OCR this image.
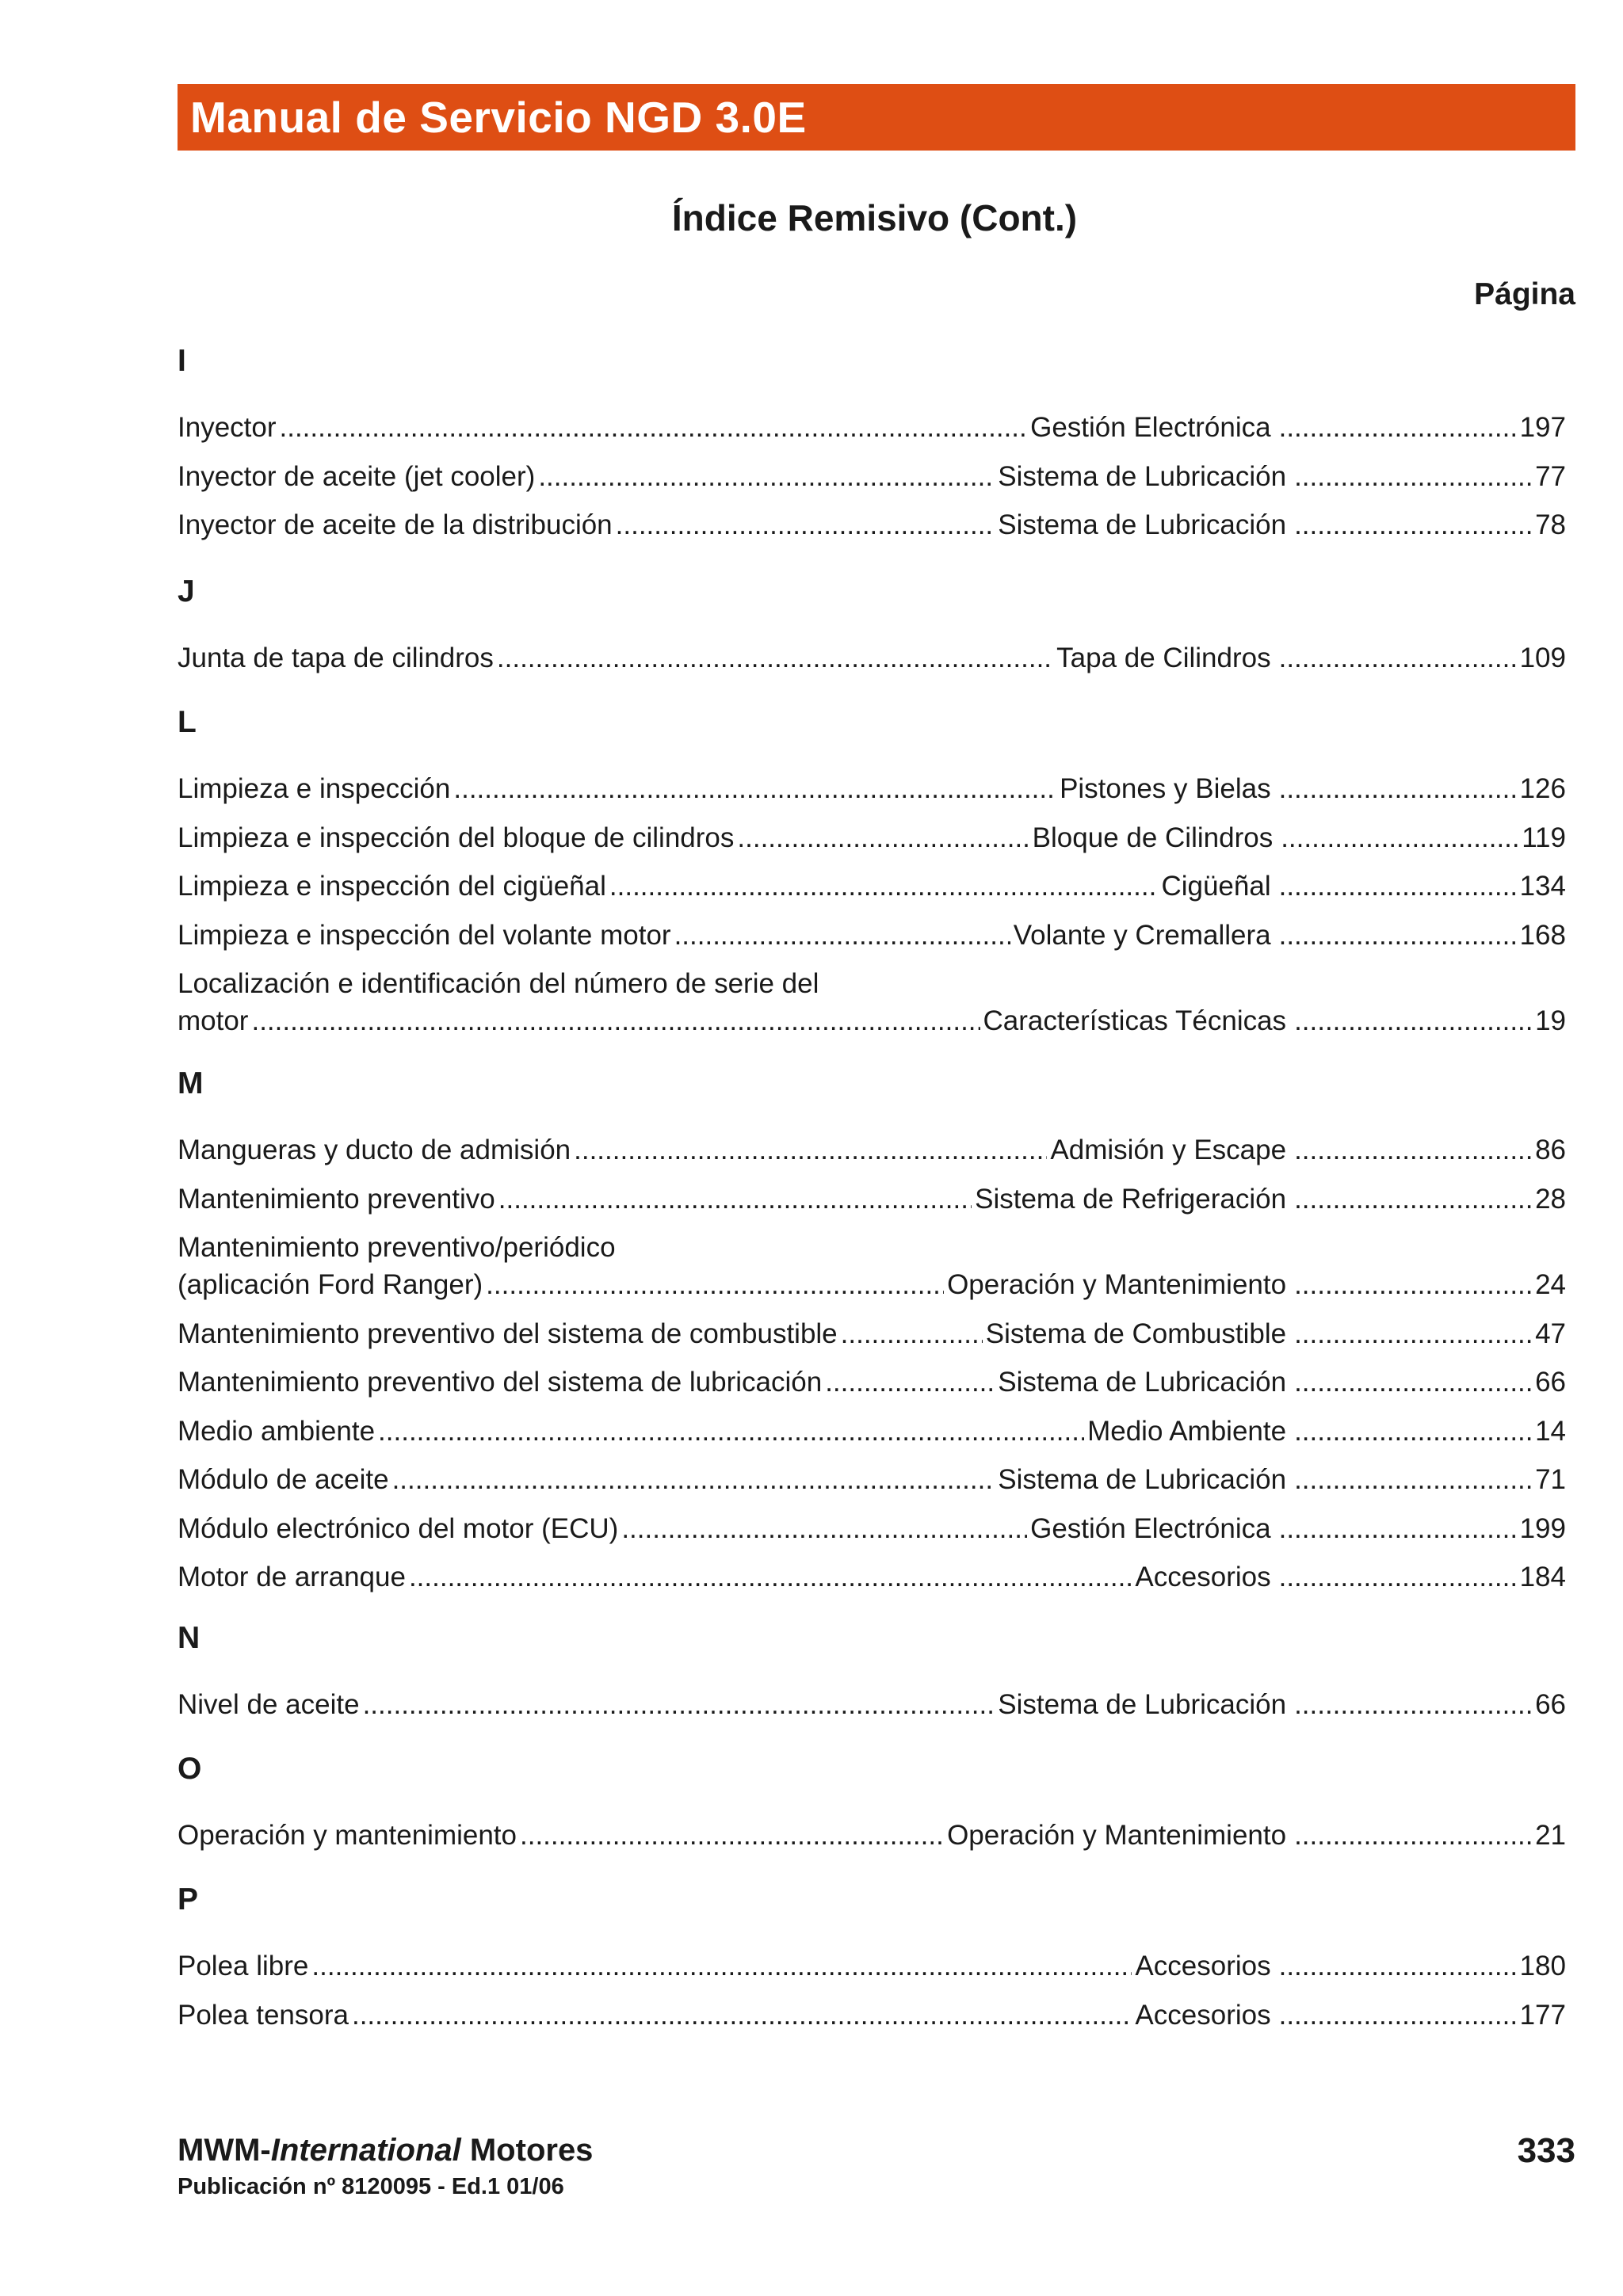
Manual de Servicio NGD 3.0E
Índice Remisivo (Cont.)
Página
I
Inyector .....	Gestión Electrónica .....	197
Inyector de aceite (jet cooler) .....	Sistema de Lubricación .....	77
Inyector de aceite de la distribución .....	Sistema de Lubricación .....	78
J
Junta de tapa de cilindros .....	Tapa de Cilindros .....	109
L
Limpieza e inspección .....	Pistones y Bielas .....	126
Limpieza e inspección del bloque de cilindros .....	Bloque de Cilindros .....	119
Limpieza e inspección del cigüeñal .....	Cigüeñal .....	134
Limpieza e inspección del volante motor .....	Volante y Cremallera .....	168
Localización e identificación del número de serie del
motor .....	Características Técnicas .....	19
M
Mangueras y ducto de admisión .....	Admisión y Escape .....	86
Mantenimiento preventivo .....	Sistema de Refrigeración .....	28
Mantenimiento preventivo/periódico
(aplicación Ford Ranger) .....	Operación y Mantenimiento .....	24
Mantenimiento preventivo del sistema de combustible .....	Sistema de Combustible .....	47
Mantenimiento preventivo del sistema de lubricación .....	Sistema de Lubricación .....	66
Medio ambiente .....	Medio Ambiente .....	14
Módulo de aceite .....	Sistema de Lubricación .....	71
Módulo electrónico del motor (ECU) .....	Gestión Electrónica .....	199
Motor de arranque .....	Accesorios .....	184
N
Nivel de aceite .....	Sistema de Lubricación .....	66
O
Operación y mantenimiento .....	Operación y Mantenimiento .....	21
P
Polea libre .....	Accesorios .....	180
Polea tensora .....	Accesorios .....	177
MWM-International Motores
Publicación nº 8120095 - Ed.1 01/06
333
